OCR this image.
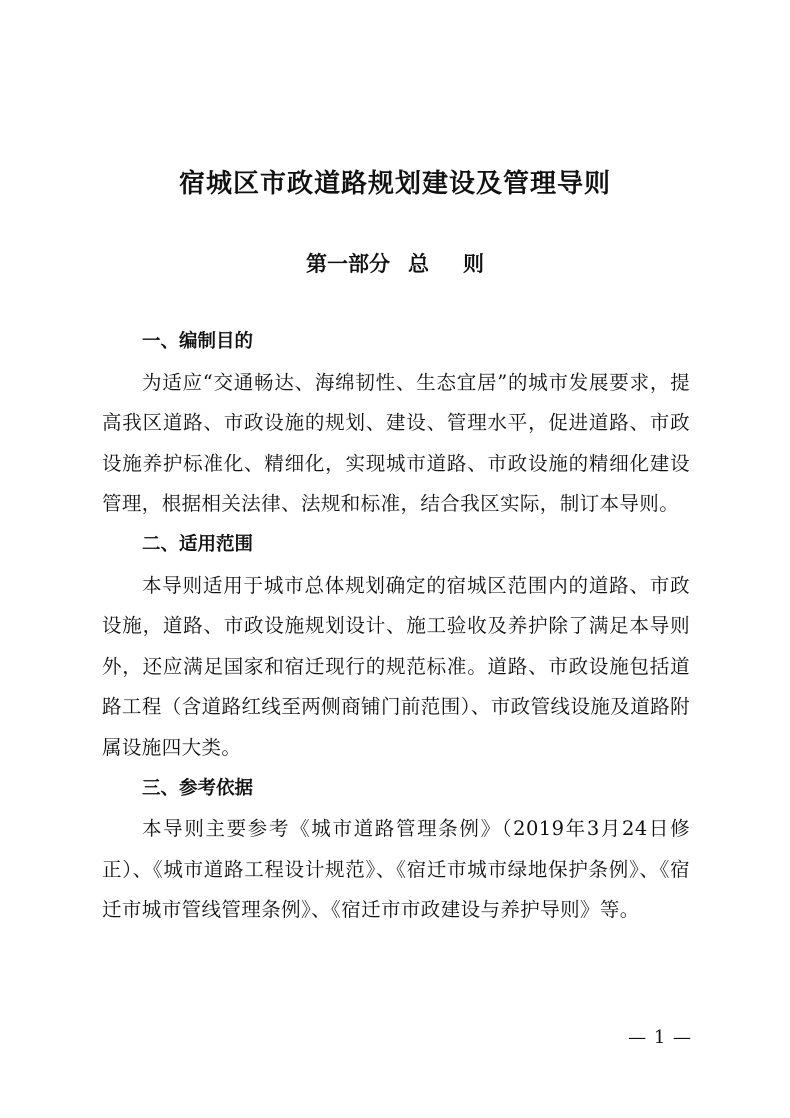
宿城区市政道路规划建设及管理导则
第一部分 总 则
一、编制目的
为适应“交通畅达、海绵韧性、生态宜居”的城市发展要求，提高我区道路、市政设施的规划、建设、管理水平，促进道路、市政设施养护标准化、精细化，实现城市道路、市政设施的精细化建设管理，根据相关法律、法规和标准，结合我区实际，制订本导则。
二、适用范围
本导则适用于城市总体规划确定的宿城区范围内的道路、市政设施，道路、市政设施规划设计、施工验收及养护除了满足本导则外，还应满足国家和宿迁现行的规范标准。道路、市政设施包括道路工程（含道路红线至两侧商铺门前范围）、市政管线设施及道路附属设施四大类。
三、参考依据
本导则主要参考《城市道路管理条例》（2019年3月24日修正）、《城市道路工程设计规范》、《宿迁市城市绿地保护条例》、《宿迁市城市管线管理条例》、《宿迁市市政建设与养护导则》等。
— 1 —
